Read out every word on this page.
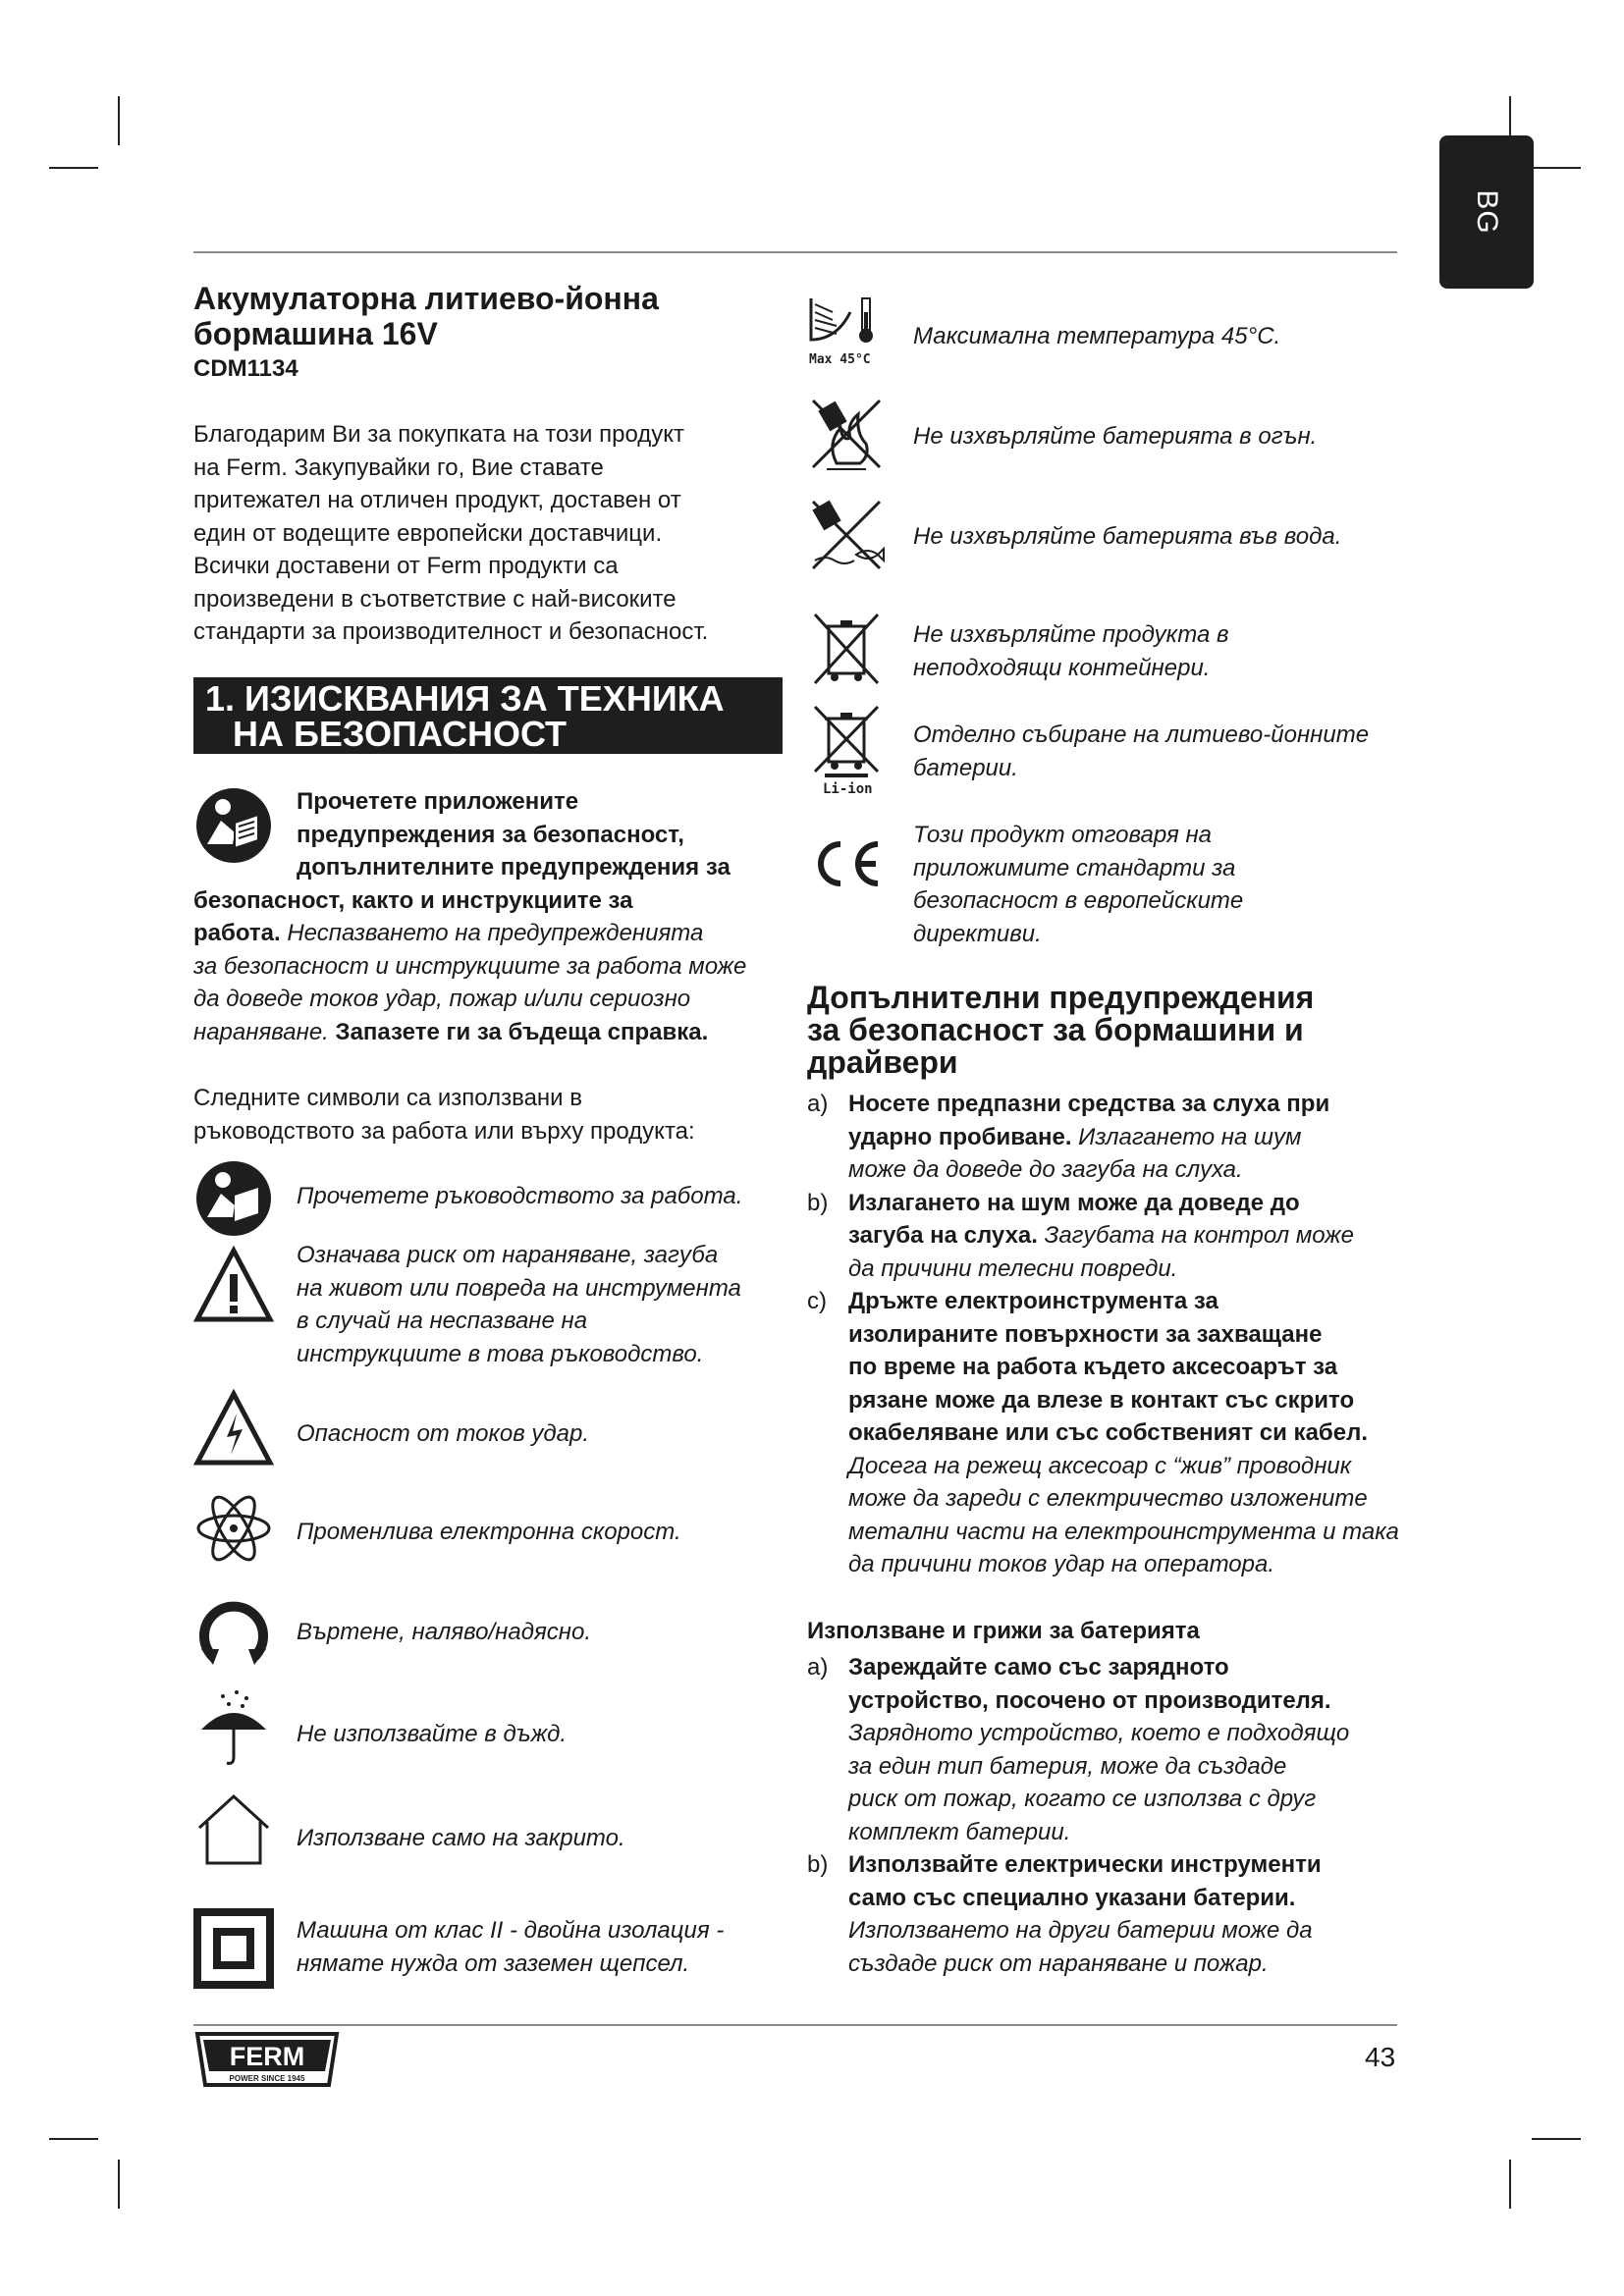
BG
Акумулаторна литиево-йонна
бормашина 16V
CDM1134

Благодарим Ви за покупката на този продукт
на Ferm. Закупувайки го, Вие ставате
притежател на отличен продукт, доставен от
един от водещите европейски доставчици.
Всички доставени от Ferm продукти са
произведени в съответствие с най-високите
стандарти за производителност и безопасност.

1. ИЗИСКВАНИЯ ЗА ТЕХНИКА
НА БЕЗОПАСНОСТ
Прочетете приложените
предупреждения за безопасност,
допълнителните предупреждения за
безопасност, както и инструкциите за
работа. Неспазването на предупрежденията
за безопасност и инструкциите за работа може
да доведе токов удар, пожар и/или сериозно
нараняване. Запазете ги за бъдеща справка.
Следните символи са използвани в
ръководството за работа или върху продукта:
Прочетете ръководството за работа.
Означава риск от нараняване, загуба
на живот или повреда на инструмента
в случай на неспазване на
инструкциите в това ръководство.
Опасност от токов удар.
Променлива електронна скорост.
Въртене, наляво/надясно.
Не използвайте в дъжд.
Използване само на закрито.
Машина от клас II - двойна изолация -
нямате нужда от заземен щепсел.
Max 45°C
Максимална температура 45°C.
Не изхвърляйте батерията в огън.
Не изхвърляйте батерията във вода.
Не изхвърляйте продукта в
неподходящи контейнери.
Li-ion
Отделно събиране на литиево-йонните
батерии.
Този продукт отговаря на
приложимите стандарти за
безопасност в европейските
директиви.
Допълнителни предупреждения
за безопасност за бормашини и
драйвери
a) Носете предпазни средства за слуха при
ударно пробиване. Излагането на шум
може да доведе до загуба на слуха.
b) Излагането на шум може да доведе до
загуба на слуха. Загубата на контрол може
да причини телесни повреди.
c) Дръжте електроинструмента за
изолираните повърхности за захващане
по време на работа където аксесоарът за
рязане може да влезе в контакт със скрито
окабеляване или със собственият си кабел.
Досега на режещ аксесоар с “жив” проводник
може да зареди с електричество изложените
метални части на електроинструмента и така
да причини токов удар на оператора.
Използване и грижи за батерията
a) Зареждайте само със зарядното
устройство, посочено от производителя.
Зарядното устройство, което е подходящо
за един тип батерия, може да създаде
риск от пожар, когато се използва с друг
комплект батерии.
b) Използвайте електрически инструменти
само със специално указани батерии.
Използването на други батерии може да
създаде риск от нараняване и пожар.
FERM
POWER SINCE 1945
43
